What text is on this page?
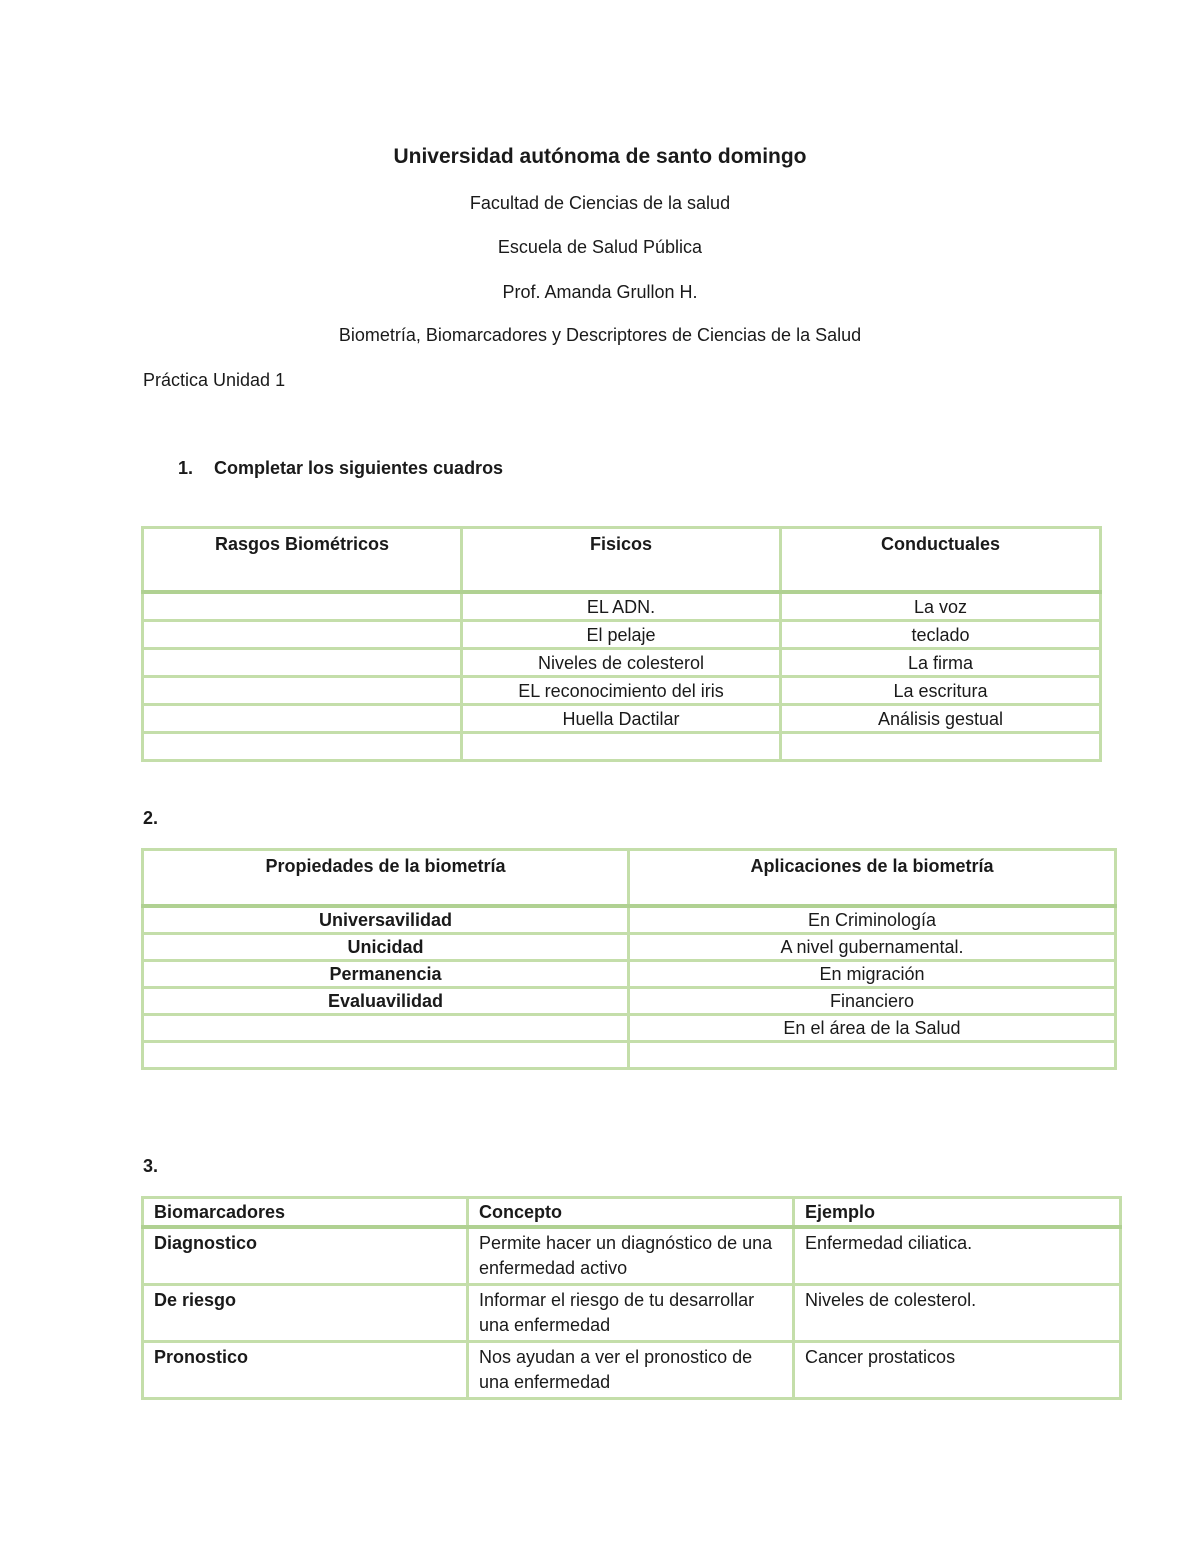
Universidad autónoma de santo domingo
Facultad de Ciencias de la salud
Escuela de Salud Pública
Prof. Amanda Grullon H.
Biometría, Biomarcadores y Descriptores de Ciencias de la Salud
Práctica Unidad 1
1. Completar los siguientes cuadros
Rasgos Biométricos	Fisicos	Conductuales
	EL ADN.	La voz
	El pelaje	teclado
	Niveles de colesterol	La firma
	EL reconocimiento del iris	La escritura
	Huella Dactilar	Análisis gestual

2.
Propiedades de la biometría	Aplicaciones de la biometría
Universavilidad	En Criminología
Unicidad	A nivel gubernamental.
Permanencia	En migración
Evaluavilidad	Financiero
	En el área de la Salud

3.
Biomarcadores	Concepto	Ejemplo
Diagnostico	Permite hacer un diagnóstico de una enfermedad activo	Enfermedad ciliatica.
De riesgo	Informar el riesgo de tu desarrollar una enfermedad	Niveles de colesterol.
Pronostico	Nos ayudan a ver el pronostico de una enfermedad	Cancer prostaticos
